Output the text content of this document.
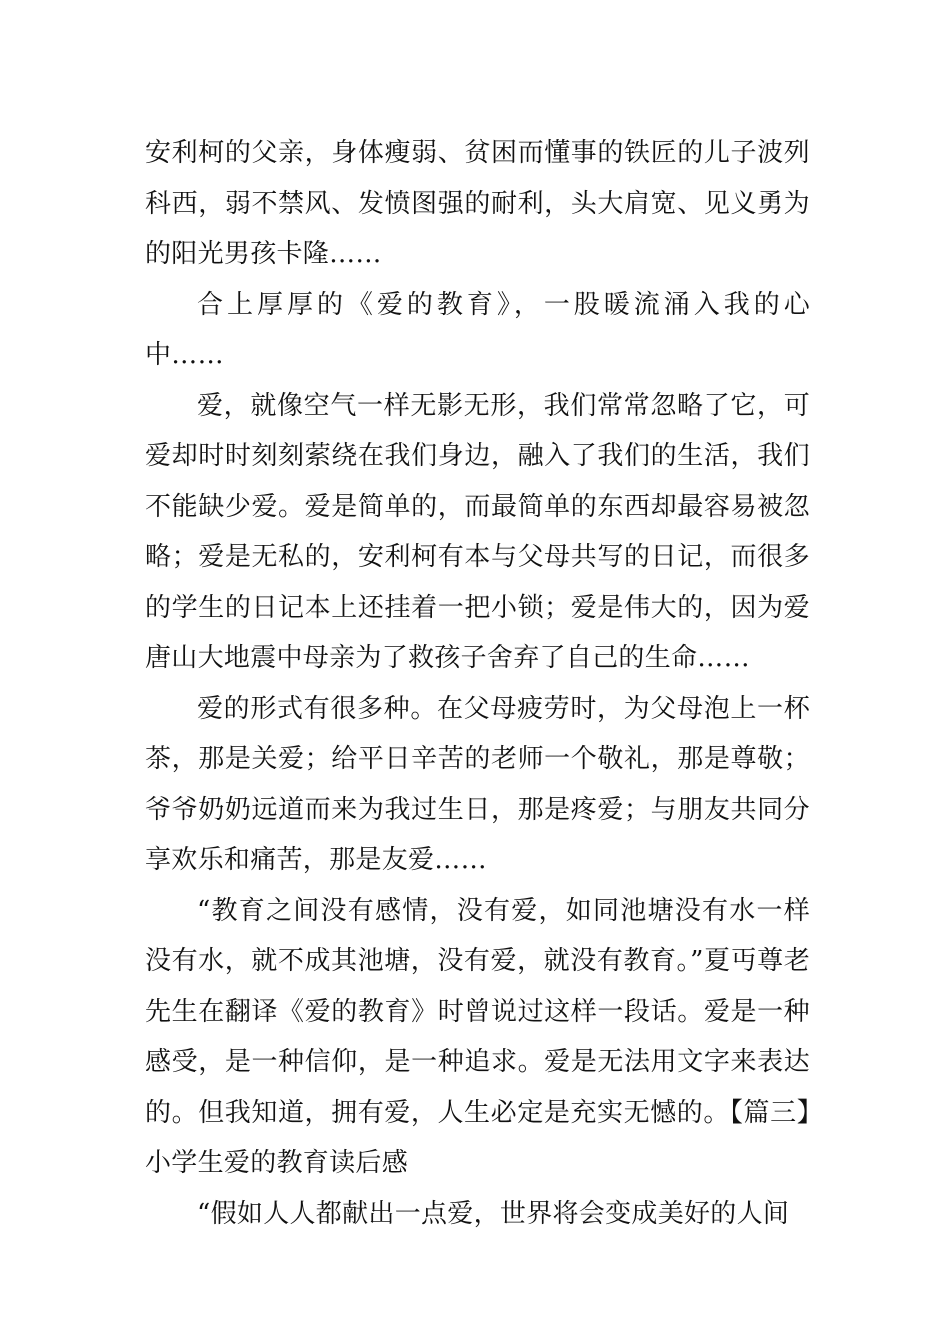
安利柯的父亲，身体瘦弱、贫困而懂事的铁匠的儿子波列科西，弱不禁风、发愤图强的耐利，头大肩宽、见义勇为的阳光男孩卡隆……

合上厚厚的《爱的教育》，一股暖流涌入我的心中……

爱，就像空气一样无影无形，我们常常忽略了它，可爱却时时刻刻萦绕在我们身边，融入了我们的生活，我们不能缺少爱。爱是简单的，而最简单的东西却最容易被忽略；爱是无私的，安利柯有本与父母共写的日记，而很多的学生的日记本上还挂着一把小锁；爱是伟大的，因为爱唐山大地震中母亲为了救孩子舍弃了自己的生命……

爱的形式有很多种。在父母疲劳时，为父母泡上一杯茶，那是关爱；给平日辛苦的老师一个敬礼，那是尊敬；爷爷奶奶远道而来为我过生日，那是疼爱；与朋友共同分享欢乐和痛苦，那是友爱……

“教育之间没有感情，没有爱，如同池塘没有水一样没有水，就不成其池塘，没有爱，就没有教育。”夏丏尊老先生在翻译《爱的教育》时曾说过这样一段话。爱是一种感受，是一种信仰，是一种追求。爱是无法用文字来表达的。但我知道，拥有爱，人生必定是充实无憾的。【篇三】小学生爱的教育读后感

“假如人人都献出一点爱，世界将会变成美好的人间
